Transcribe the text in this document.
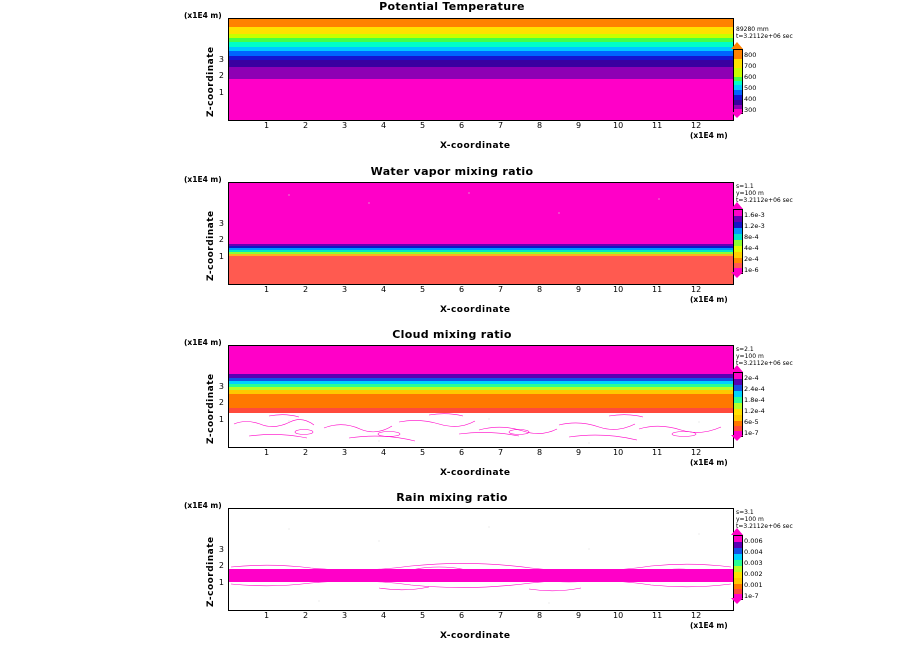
Potential Temperature
(x1E4 m)
Z-coordinate 3
2
1
1	2	3	4	5	6	7	8	9	10	11	12
(x1E4 m)
X-coordinate
89280 mm
t=3.2112e+06 sec
800
700
600
500
400
300
Water vapor mixing ratio
(x1E4 m)
Z-coordinate 3
2
1
1	2	3	4	5	6	7	8	9	10	11	12
(x1E4 m)
X-coordinate
s=1.1
y=100 m
t=3.2112e+06 sec
1.6e-3
1.2e-3
8e-4
4e-4
2e-4
1e-6
Cloud mixing ratio
(x1E4 m)
Z-coordinate 3
2
1
1	2	3	4	5	6	7	8	9	10	11	12
(x1E4 m)
X-coordinate
s=2.1
y=100 m
t=3.2112e+06 sec
2e-4
2.4e-4
1.8e-4
1.2e-4
6e-5
1e-7
Rain mixing ratio
(x1E4 m)
Z-coordinate 3
2
1
1	2	3	4	5	6	7	8	9	10	11	12
(x1E4 m)
X-coordinate
s=3.1
y=100 m
t=3.2112e+06 sec
0.006
0.004
0.003
0.002
0.001
1e-7
